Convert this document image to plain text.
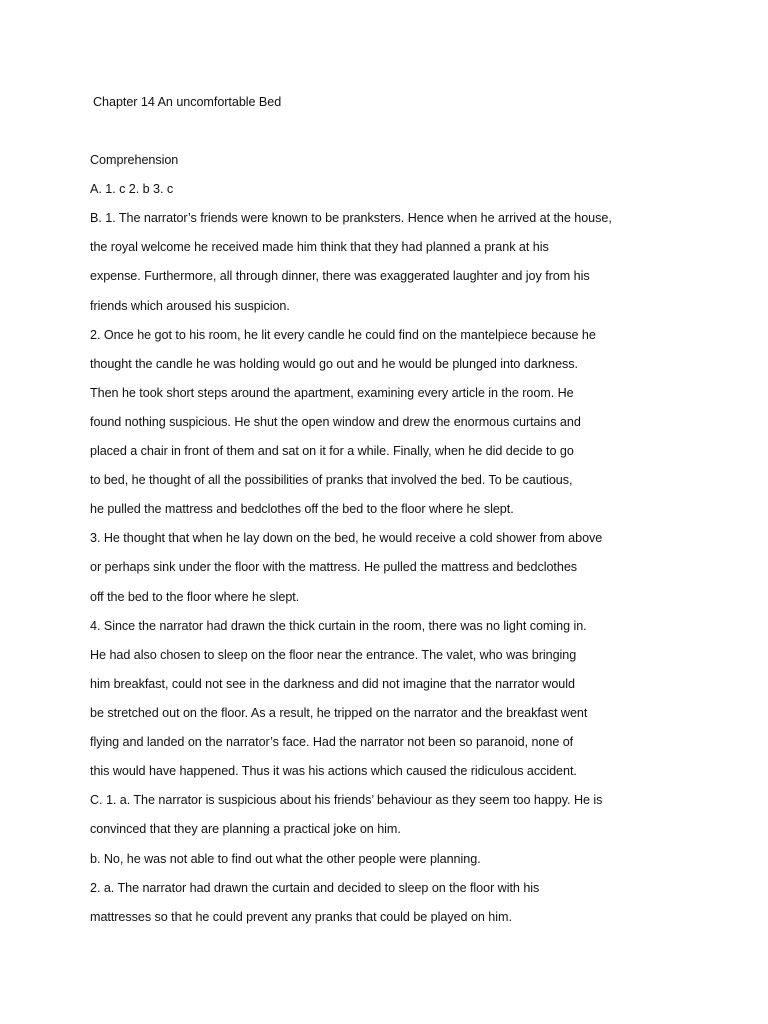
Chapter 14 An uncomfortable Bed

Comprehension

A. 1. c 2. b 3. c

B. 1. The narrator’s friends were known to be pranksters. Hence when he arrived at the house,

the royal welcome he received made him think that they had planned a prank at his

expense. Furthermore, all through dinner, there was exaggerated laughter and joy from his

friends which aroused his suspicion.

2. Once he got to his room, he lit every candle he could find on the mantelpiece because he

thought the candle he was holding would go out and he would be plunged into darkness.

Then he took short steps around the apartment, examining every article in the room. He

found nothing suspicious. He shut the open window and drew the enormous curtains and

placed a chair in front of them and sat on it for a while. Finally, when he did decide to go

to bed, he thought of all the possibilities of pranks that involved the bed. To be cautious,

he pulled the mattress and bedclothes off the bed to the floor where he slept.

3. He thought that when he lay down on the bed, he would receive a cold shower from above

or perhaps sink under the floor with the mattress. He pulled the mattress and bedclothes

off the bed to the floor where he slept.

4. Since the narrator had drawn the thick curtain in the room, there was no light coming in.

He had also chosen to sleep on the floor near the entrance. The valet, who was bringing

him breakfast, could not see in the darkness and did not imagine that the narrator would

be stretched out on the floor. As a result, he tripped on the narrator and the breakfast went

flying and landed on the narrator’s face. Had the narrator not been so paranoid, none of

this would have happened. Thus it was his actions which caused the ridiculous accident.

C. 1. a. The narrator is suspicious about his friends’ behaviour as they seem too happy. He is

convinced that they are planning a practical joke on him.

b. No, he was not able to find out what the other people were planning.

2. a. The narrator had drawn the curtain and decided to sleep on the floor with his

mattresses so that he could prevent any pranks that could be played on him.
